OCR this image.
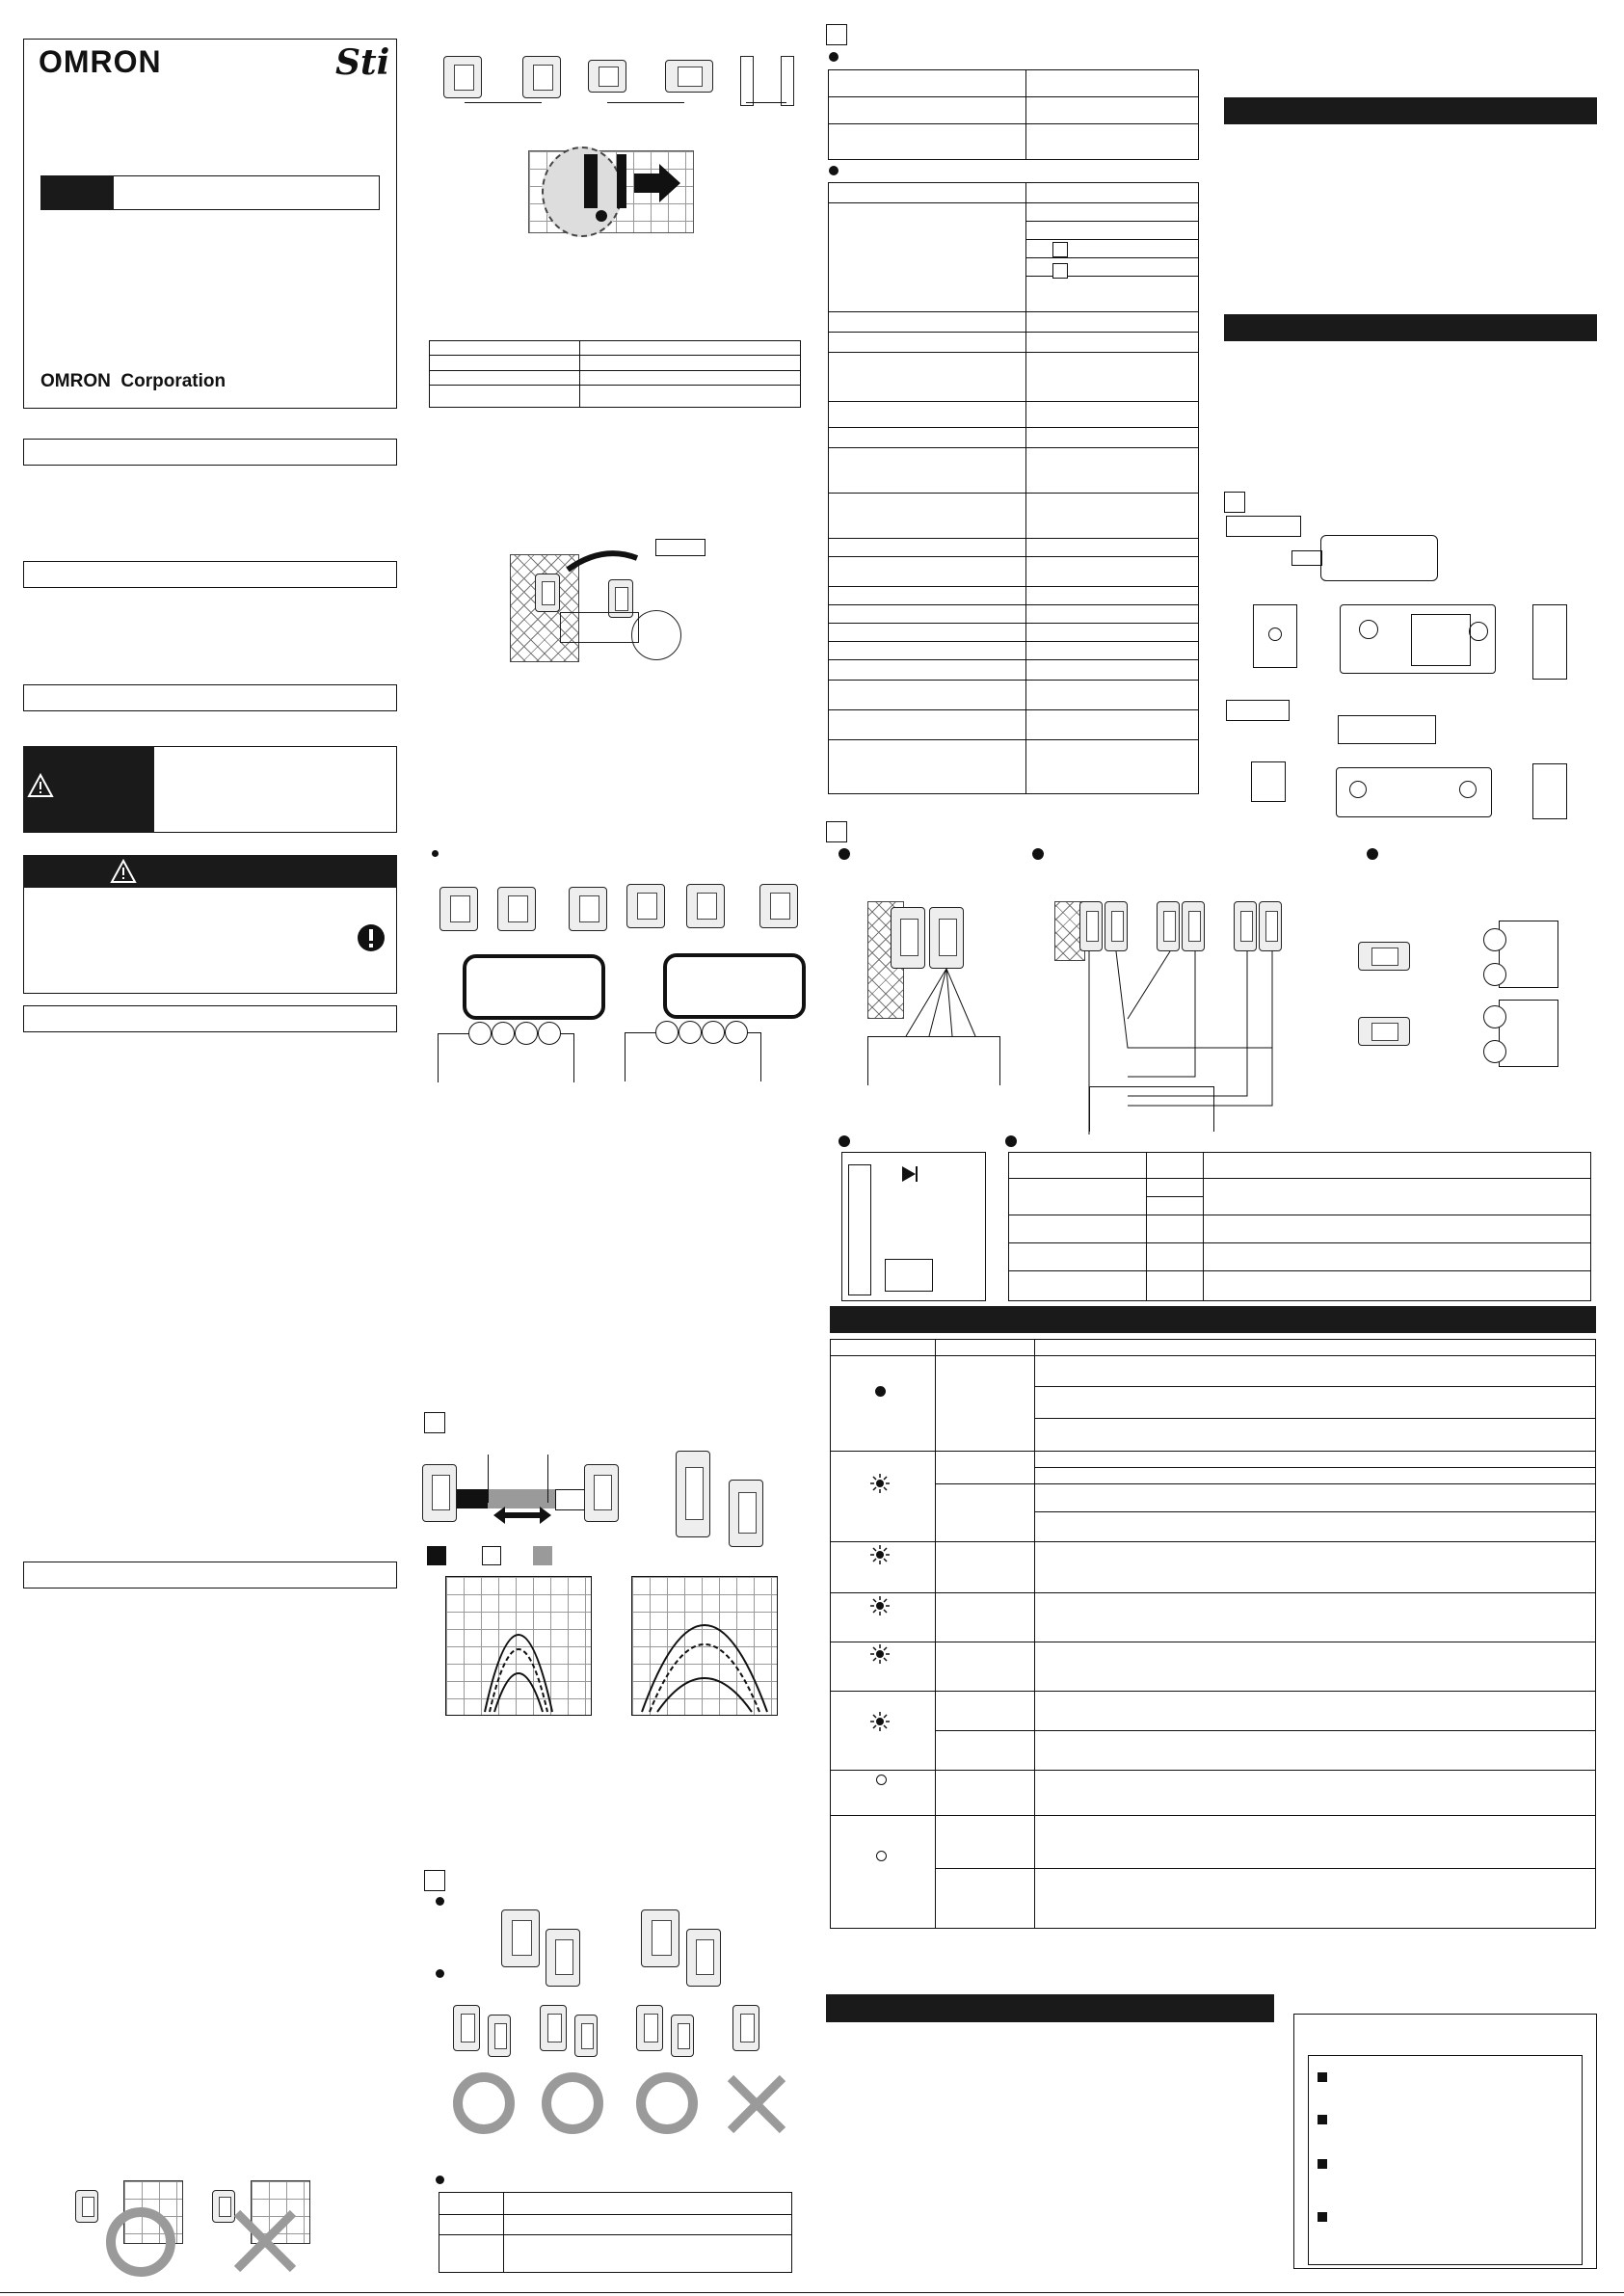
OMRON	Sti
OMRON  Corporation
